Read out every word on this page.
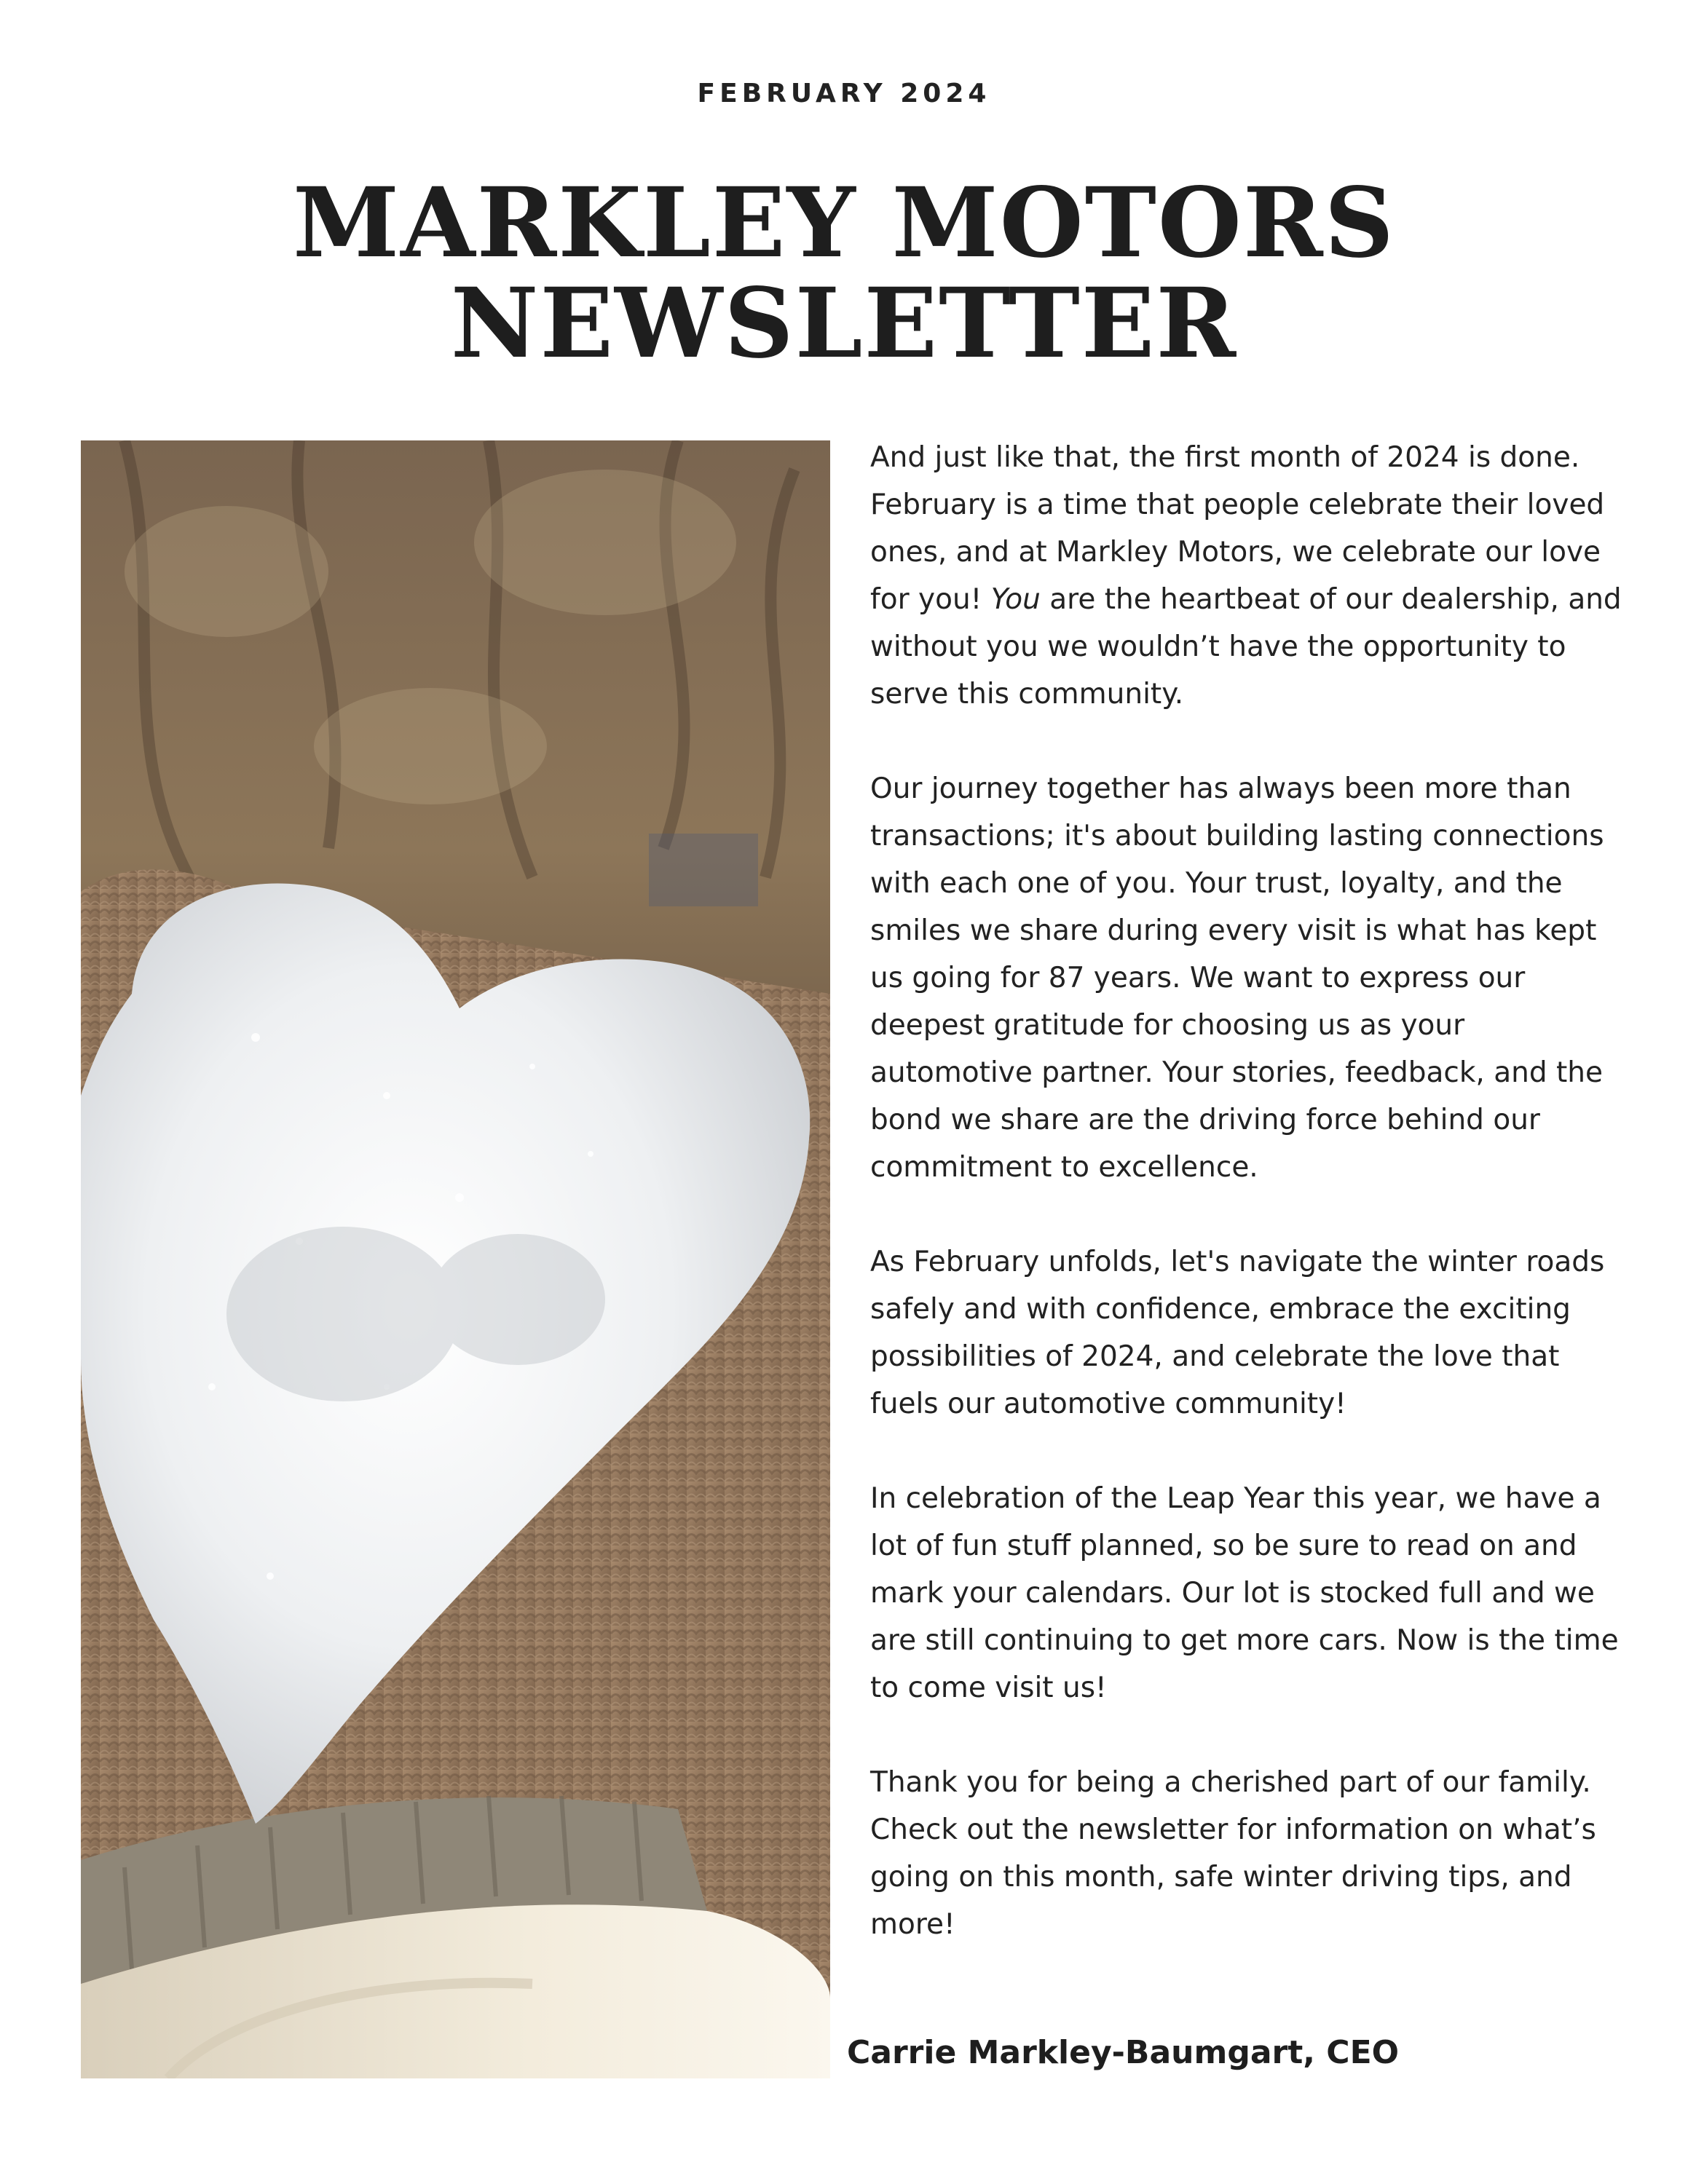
FEBRUARY 2024
MARKLEY MOTORS
NEWSLETTER

And just like that, the first month of 2024 is done. February is a time that people celebrate their loved ones, and at Markley Motors, we celebrate our love for you! You are the heartbeat of our dealership, and without you we wouldn’t have the opportunity to serve this community.

Our journey together has always been more than transactions; it's about building lasting connections with each one of you. Your trust, loyalty, and the smiles we share during every visit is what has kept us going for 87 years. We want to express our deepest gratitude for choosing us as your automotive partner. Your stories, feedback, and the bond we share are the driving force behind our commitment to excellence.

As February unfolds, let's navigate the winter roads safely and with confidence, embrace the exciting possibilities of 2024, and celebrate the love that fuels our automotive community!

In celebration of the Leap Year this year, we have a lot of fun stuff planned, so be sure to read on and mark your calendars. Our lot is stocked full and we are still continuing to get more cars. Now is the time to come visit us!

Thank you for being a cherished part of our family. Check out the newsletter for information on what’s going on this month, safe winter driving tips, and more!

Carrie Markley-Baumgart, CEO
